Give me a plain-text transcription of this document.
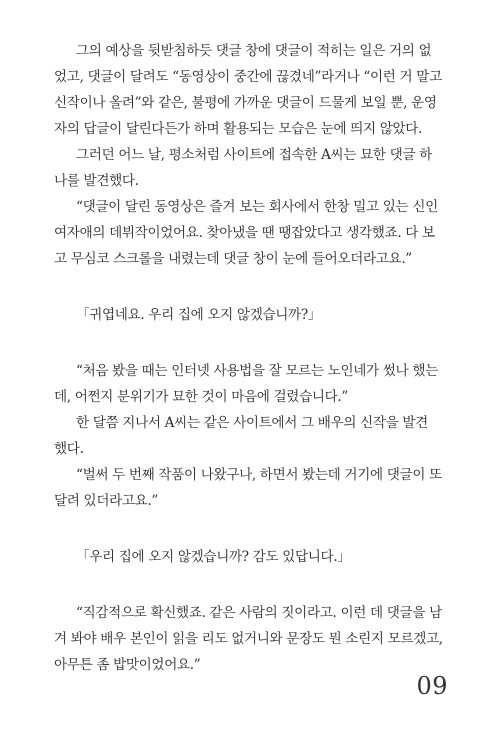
그의 예상을 뒷받침하듯 댓글 창에 댓글이 적히는 일은 거의 없
었고, 댓글이 달려도 “동영상이 중간에 끊겼네”라거나 “이런 거 말고
신작이나 올려”와 같은, 불평에 가까운 댓글이 드물게 보일 뿐, 운영
자의 답글이 달린다든가 하며 활용되는 모습은 눈에 띄지 않았다.
그러던 어느 날, 평소처럼 사이트에 접속한 A씨는 묘한 댓글 하
나를 발견했다.
“댓글이 달린 동영상은 즐겨 보는 회사에서 한창 밀고 있는 신인
여자애의 데뷔작이었어요. 찾아냈을 땐 땡잡았다고 생각했죠. 다 보
고 무심코 스크롤을 내렸는데 댓글 창이 눈에 들어오더라고요.”
「귀엽네요. 우리 집에 오지 않겠습니까?」
“처음 봤을 때는 인터넷 사용법을 잘 모르는 노인네가 썼나 했는
데, 어쩐지 분위기가 묘한 것이 마음에 걸렸습니다.”
한 달쯤 지나서 A씨는 같은 사이트에서 그 배우의 신작을 발견
했다.
“벌써 두 번째 작품이 나왔구나, 하면서 봤는데 거기에 댓글이 또
달려 있더라고요.”
「우리 집에 오지 않겠습니까? 감도 있답니다.」
“직감적으로 확신했죠. 같은 사람의 짓이라고. 이런 데 댓글을 남
겨 봐야 배우 본인이 읽을 리도 없거니와 문장도 뭔 소린지 모르겠고,
아무튼 좀 밥맛이었어요.”
09
